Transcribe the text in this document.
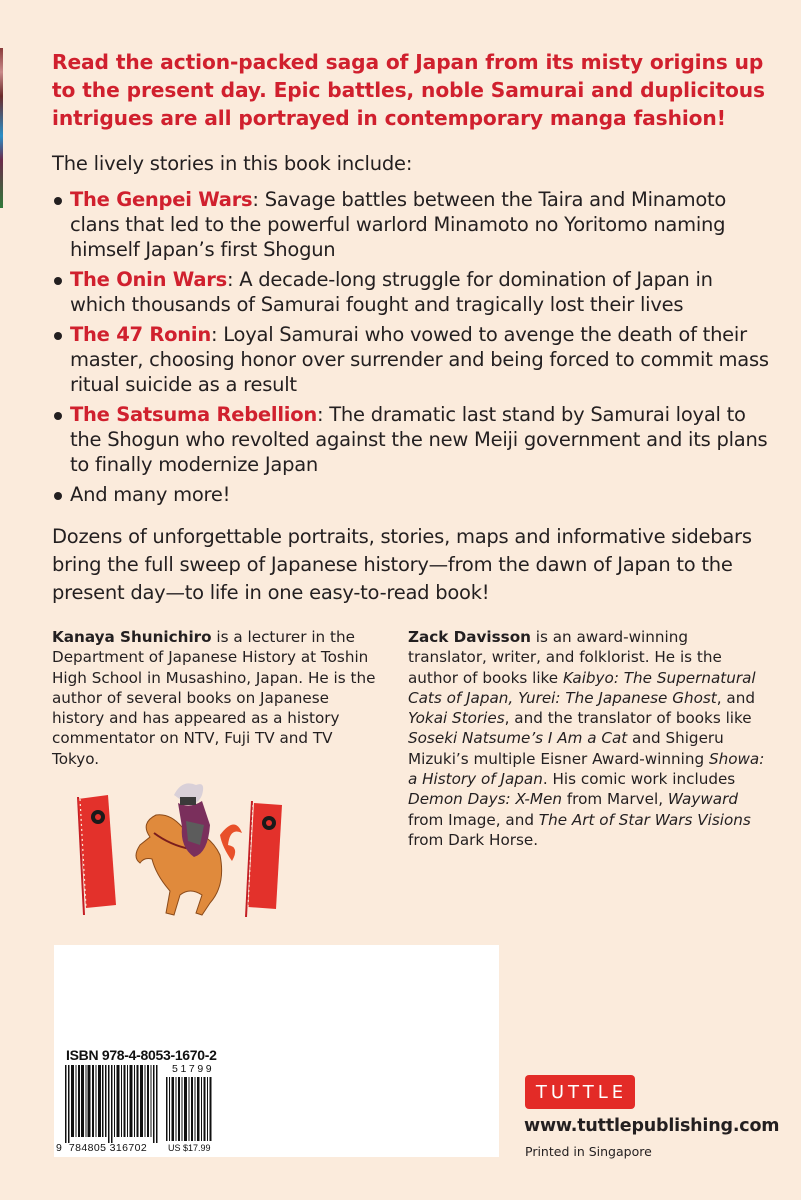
Read the action-packed saga of Japan from its misty origins up to the present day. Epic battles, noble Samurai and duplicitous intrigues are all portrayed in contemporary manga fashion!
The lively stories in this book include:
The Genpei Wars: Savage battles between the Taira and Minamoto clans that led to the powerful warlord Minamoto no Yoritomo naming himself Japan’s first Shogun
The Onin Wars: A decade-long struggle for domination of Japan in which thousands of Samurai fought and tragically lost their lives
The 47 Ronin: Loyal Samurai who vowed to avenge the death of their master, choosing honor over surrender and being forced to commit mass ritual suicide as a result
The Satsuma Rebellion: The dramatic last stand by Samurai loyal to the Shogun who revolted against the new Meiji government and its plans to finally modernize Japan
And many more!
Dozens of unforgettable portraits, stories, maps and informative sidebars bring the full sweep of Japanese history—from the dawn of Japan to the present day—to life in one easy-to-read book!
Kanaya Shunichiro is a lecturer in the Department of Japanese History at Toshin High School in Musashino, Japan. He is the author of several books on Japanese history and has appeared as a history commentator on NTV, Fuji TV and TV Tokyo.
Zack Davisson is an award-winning translator, writer, and folklorist. He is the author of books like Kaibyo: The Supernatural Cats of Japan, Yurei: The Japanese Ghost, and Yokai Stories, and the translator of books like Soseki Natsume’s I Am a Cat and Shigeru Mizuki’s multiple Eisner Award-winning Showa: a History of Japan. His comic work includes Demon Days: X-Men from Marvel, Wayward from Image, and The Art of Star Wars Visions from Dark Horse.
ISBN 978-4-8053-1670-2
51799
9 784805 316702 US $17.99
TUTTLE
www.tuttlepublishing.com
Printed in Singapore
